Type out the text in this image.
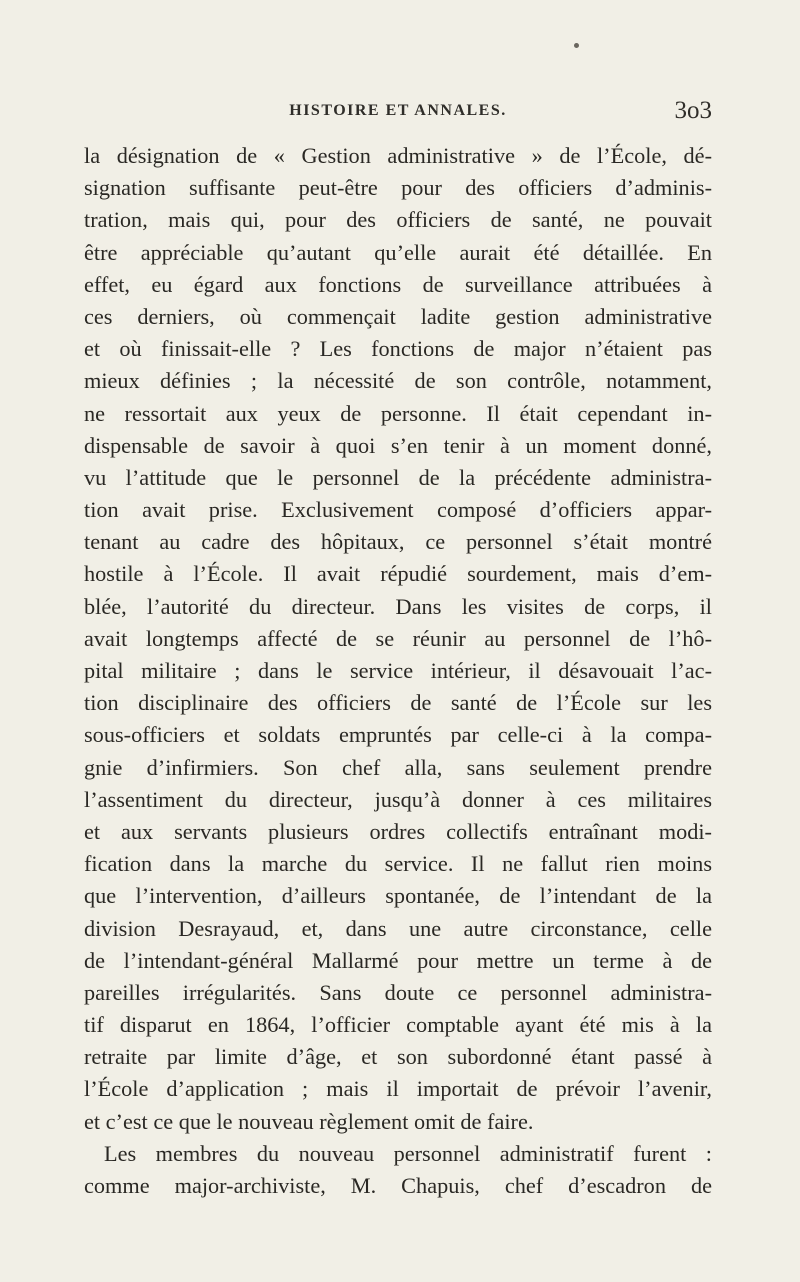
HISTOIRE ET ANNALES.	3o3
la désignation de « Gestion administrative » de l’École, dé-
signation suffisante peut-être pour des officiers d’adminis-
tration, mais qui, pour des officiers de santé, ne pouvait
être appréciable qu’autant qu’elle aurait été détaillée. En
effet, eu égard aux fonctions de surveillance attribuées à
ces derniers, où commençait ladite gestion administrative
et où finissait-elle ? Les fonctions de major n’étaient pas
mieux définies ; la nécessité de son contrôle, notamment,
ne ressortait aux yeux de personne. Il était cependant in-
dispensable de savoir à quoi s’en tenir à un moment donné,
vu l’attitude que le personnel de la précédente administra-
tion avait prise. Exclusivement composé d’officiers appar-
tenant au cadre des hôpitaux, ce personnel s’était montré
hostile à l’École. Il avait répudié sourdement, mais d’em-
blée, l’autorité du directeur. Dans les visites de corps, il
avait longtemps affecté de se réunir au personnel de l’hô-
pital militaire ; dans le service intérieur, il désavouait l’ac-
tion disciplinaire des officiers de santé de l’École sur les
sous-officiers et soldats empruntés par celle-ci à la compa-
gnie d’infirmiers. Son chef alla, sans seulement prendre
l’assentiment du directeur, jusqu’à donner à ces militaires
et aux servants plusieurs ordres collectifs entraînant modi-
fication dans la marche du service. Il ne fallut rien moins
que l’intervention, d’ailleurs spontanée, de l’intendant de la
division Desrayaud, et, dans une autre circonstance, celle
de l’intendant-général Mallarmé pour mettre un terme à de
pareilles irrégularités. Sans doute ce personnel administra-
tif disparut en 1864, l’officier comptable ayant été mis à la
retraite par limite d’âge, et son subordonné étant passé à
l’École d’application ; mais il importait de prévoir l’avenir,
et c’est ce que le nouveau règlement omit de faire.
Les membres du nouveau personnel administratif furent :
comme major-archiviste, M. Chapuis, chef d’escadron de
